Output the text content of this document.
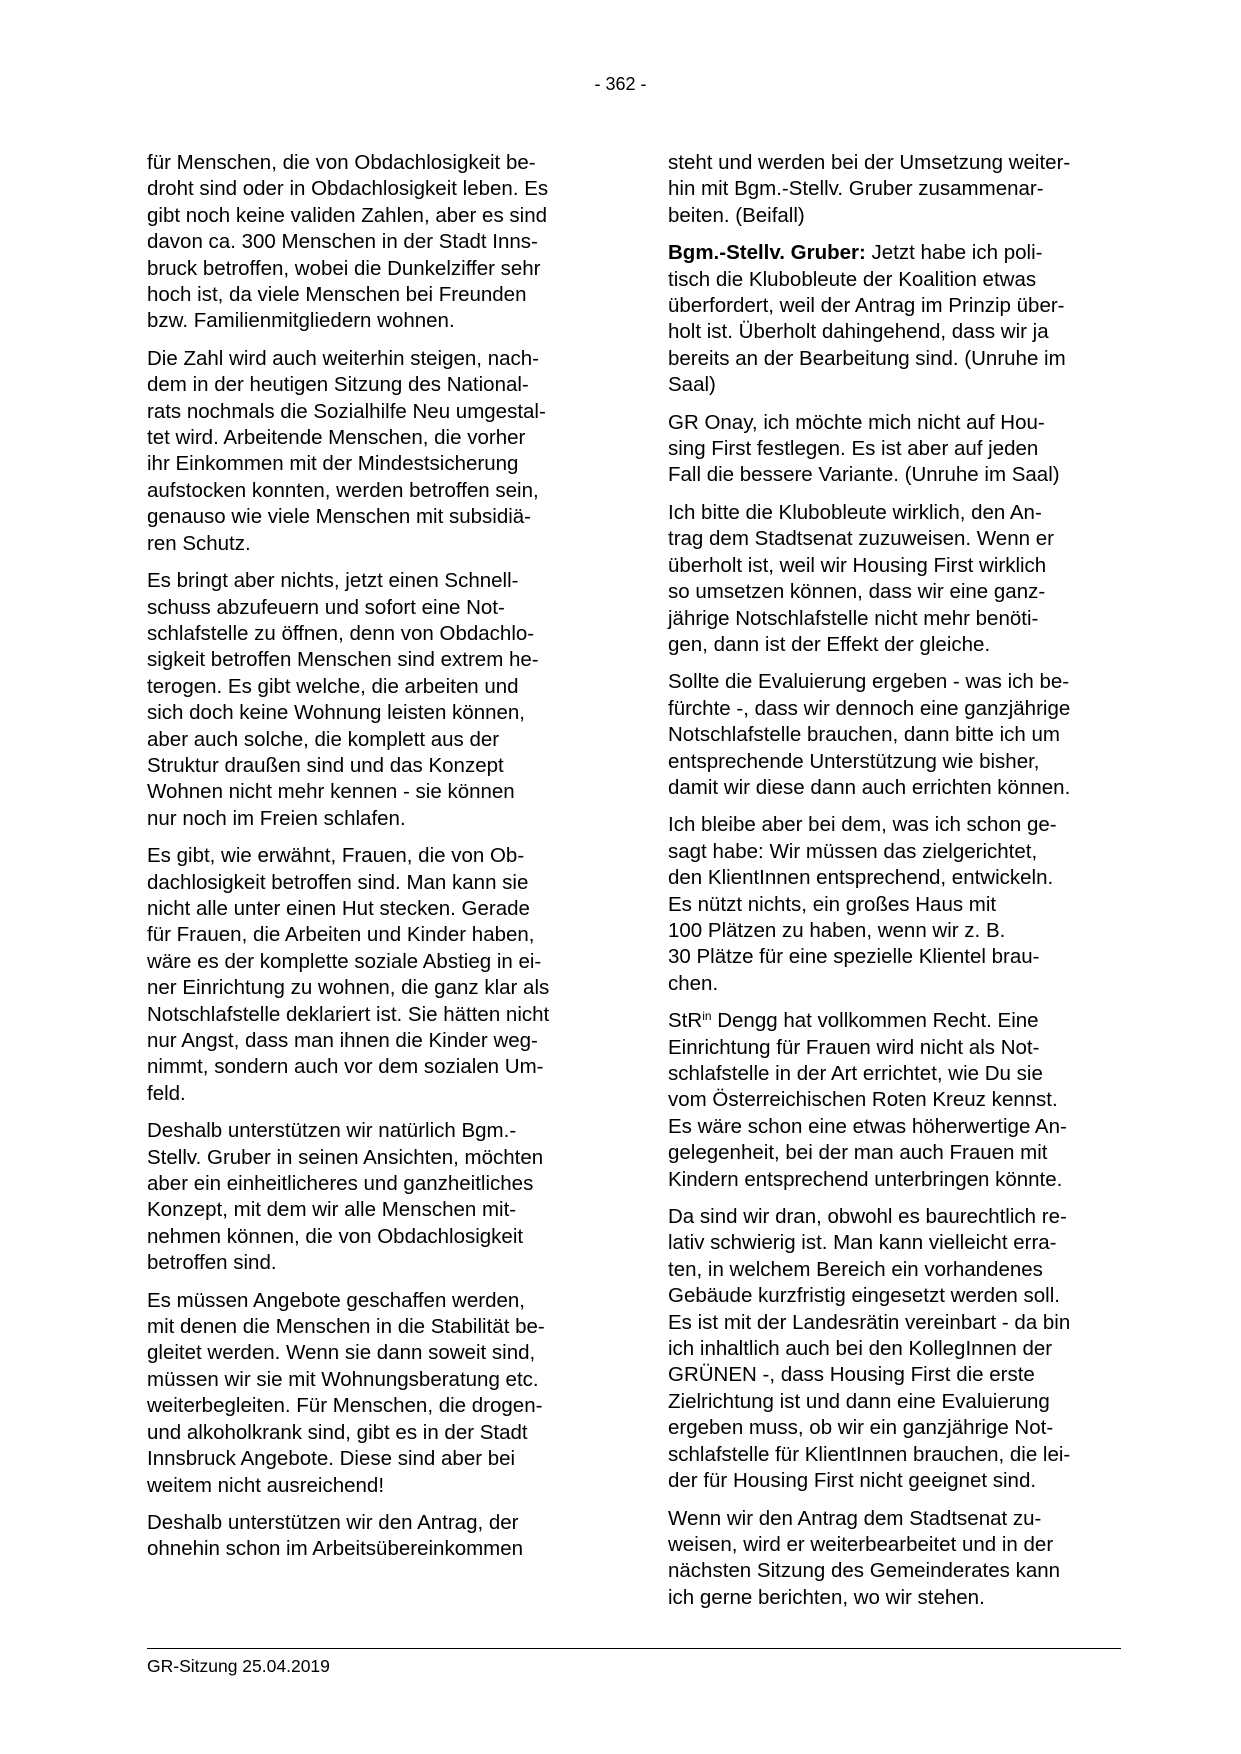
- 362 -
für Menschen, die von Obdachlosigkeit be-
droht sind oder in Obdachlosigkeit leben. Es
gibt noch keine validen Zahlen, aber es sind
davon ca. 300 Menschen in der Stadt Inns-
bruck betroffen, wobei die Dunkelziffer sehr
hoch ist, da viele Menschen bei Freunden
bzw. Familienmitgliedern wohnen.
Die Zahl wird auch weiterhin steigen, nach-
dem in der heutigen Sitzung des National-
rats nochmals die Sozialhilfe Neu umgestal-
tet wird. Arbeitende Menschen, die vorher
ihr Einkommen mit der Mindestsicherung
aufstocken konnten, werden betroffen sein,
genauso wie viele Menschen mit subsidiä-
ren Schutz.
Es bringt aber nichts, jetzt einen Schnell-
schuss abzufeuern und sofort eine Not-
schlafstelle zu öffnen, denn von Obdachlo-
sigkeit betroffen Menschen sind extrem he-
terogen. Es gibt welche, die arbeiten und
sich doch keine Wohnung leisten können,
aber auch solche, die komplett aus der
Struktur draußen sind und das Konzept
Wohnen nicht mehr kennen - sie können
nur noch im Freien schlafen.
Es gibt, wie erwähnt, Frauen, die von Ob-
dachlosigkeit betroffen sind. Man kann sie
nicht alle unter einen Hut stecken. Gerade
für Frauen, die Arbeiten und Kinder haben,
wäre es der komplette soziale Abstieg in ei-
ner Einrichtung zu wohnen, die ganz klar als
Notschlafstelle deklariert ist. Sie hätten nicht
nur Angst, dass man ihnen die Kinder weg-
nimmt, sondern auch vor dem sozialen Um-
feld.
Deshalb unterstützen wir natürlich Bgm.-
Stellv. Gruber in seinen Ansichten, möchten
aber ein einheitlicheres und ganzheitliches
Konzept, mit dem wir alle Menschen mit-
nehmen können, die von Obdachlosigkeit
betroffen sind.
Es müssen Angebote geschaffen werden,
mit denen die Menschen in die Stabilität be-
gleitet werden. Wenn sie dann soweit sind,
müssen wir sie mit Wohnungsberatung etc.
weiterbegleiten. Für Menschen, die drogen-
und alkoholkrank sind, gibt es in der Stadt
Innsbruck Angebote. Diese sind aber bei
weitem nicht ausreichend!
Deshalb unterstützen wir den Antrag, der
ohnehin schon im Arbeitsübereinkommen
steht und werden bei der Umsetzung weiter-
hin mit Bgm.-Stellv. Gruber zusammenar-
beiten. (Beifall)
Bgm.-Stellv. Gruber: Jetzt habe ich poli-
tisch die Klubobleute der Koalition etwas
überfordert, weil der Antrag im Prinzip über-
holt ist. Überholt dahingehend, dass wir ja
bereits an der Bearbeitung sind. (Unruhe im
Saal)
GR Onay, ich möchte mich nicht auf Hou-
sing First festlegen. Es ist aber auf jeden
Fall die bessere Variante. (Unruhe im Saal)
Ich bitte die Klubobleute wirklich, den An-
trag dem Stadtsenat zuzuweisen. Wenn er
überholt ist, weil wir Housing First wirklich
so umsetzen können, dass wir eine ganz-
jährige Notschlafstelle nicht mehr benöti-
gen, dann ist der Effekt der gleiche.
Sollte die Evaluierung ergeben - was ich be-
fürchte -, dass wir dennoch eine ganzjährige
Notschlafstelle brauchen, dann bitte ich um
entsprechende Unterstützung wie bisher,
damit wir diese dann auch errichten können.
Ich bleibe aber bei dem, was ich schon ge-
sagt habe: Wir müssen das zielgerichtet,
den KlientInnen entsprechend, entwickeln.
Es nützt nichts, ein großes Haus mit
100 Plätzen zu haben, wenn wir z. B.
30 Plätze für eine spezielle Klientel brau-
chen.
StR$^{in}$ Dengg hat vollkommen Recht. Eine
Einrichtung für Frauen wird nicht als Not-
schlafstelle in der Art errichtet, wie Du sie
vom Österreichischen Roten Kreuz kennst.
Es wäre schon eine etwas höherwertige An-
gelegenheit, bei der man auch Frauen mit
Kindern entsprechend unterbringen könnte.
Da sind wir dran, obwohl es baurechtlich re-
lativ schwierig ist. Man kann vielleicht erra-
ten, in welchem Bereich ein vorhandenes
Gebäude kurzfristig eingesetzt werden soll.
Es ist mit der Landesrätin vereinbart - da bin
ich inhaltlich auch bei den KollegInnen der
GRÜNEN -, dass Housing First die erste
Zielrichtung ist und dann eine Evaluierung
ergeben muss, ob wir ein ganzjährige Not-
schlafstelle für KlientInnen brauchen, die lei-
der für Housing First nicht geeignet sind.
Wenn wir den Antrag dem Stadtsenat zu-
weisen, wird er weiterbearbeitet und in der
nächsten Sitzung des Gemeinderates kann
ich gerne berichten, wo wir stehen.
GR-Sitzung 25.04.2019
